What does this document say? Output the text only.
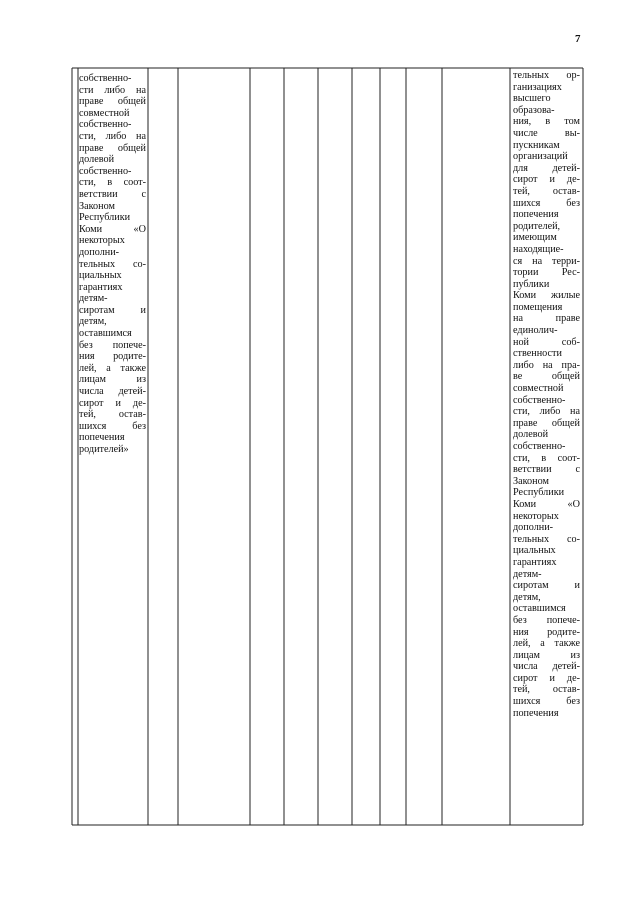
7
собственно-
сти либо на
праве общей
совместной
собственно-
сти, либо на
праве общей
долевой
собственно-
сти, в соот-
ветствии с
Законом
Республики
Коми «О
некоторых
дополни-
тельных со-
циальных
гарантиях
детям-
сиротам и
детям,
оставшимся
без попече-
ния родите-
лей, а также
лицам из
числа детей-
сирот и де-
тей, остав-
шихся без
попечения
родителей»
тельных ор-
ганизациях
высшего
образова-
ния, в том
числе вы-
пускникам
организаций
для детей-
сирот и де-
тей, остав-
шихся без
попечения
родителей,
имеющим
находящие-
ся на терри-
тории Рес-
публики
Коми жилые
помещения
на праве
единолич-
ной соб-
ственности
либо на пра-
ве общей
совместной
собственно-
сти, либо на
праве общей
долевой
собственно-
сти, в соот-
ветствии с
Законом
Республики
Коми «О
некоторых
дополни-
тельных со-
циальных
гарантиях
детям-
сиротам и
детям,
оставшимся
без попече-
ния родите-
лей, а также
лицам из
числа детей-
сирот и де-
тей, остав-
шихся без
попечения
